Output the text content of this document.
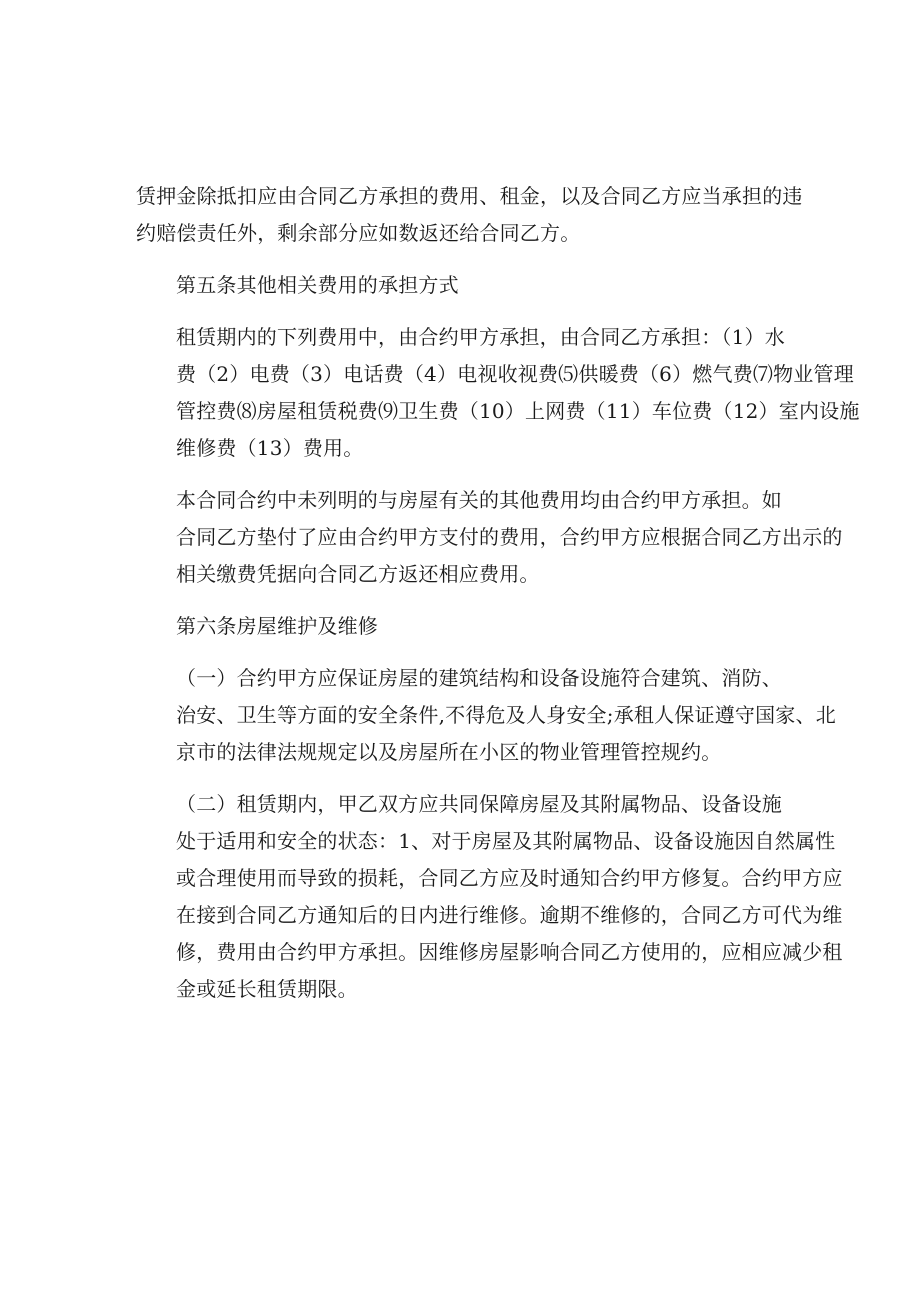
赁押金除抵扣应由合同乙方承担的费用、租金，以及合同乙方应当承担的违
约赔偿责任外，剩余部分应如数返还给合同乙方。

第五条其他相关费用的承担方式

租赁期内的下列费用中，由合约甲方承担，由合同乙方承担：（1）水
费（2）电费（3）电话费（4）电视收视费⑸供暖费（6）燃气费⑺物业管理
管控费⑻房屋租赁税费⑼卫生费（10）上网费（11）车位费（12）室内设施
维修费（13）费用。

本合同合约中未列明的与房屋有关的其他费用均由合约甲方承担。如
合同乙方垫付了应由合约甲方支付的费用，合约甲方应根据合同乙方出示的
相关缴费凭据向合同乙方返还相应费用。

第六条房屋维护及维修

（一）合约甲方应保证房屋的建筑结构和设备设施符合建筑、消防、
治安、卫生等方面的安全条件,不得危及人身安全;承租人保证遵守国家、北
京市的法律法规规定以及房屋所在小区的物业管理管控规约。

（二）租赁期内，甲乙双方应共同保障房屋及其附属物品、设备设施
处于适用和安全的状态：1、对于房屋及其附属物品、设备设施因自然属性
或合理使用而导致的损耗，合同乙方应及时通知合约甲方修复。合约甲方应
在接到合同乙方通知后的日内进行维修。逾期不维修的，合同乙方可代为维
修，费用由合约甲方承担。因维修房屋影响合同乙方使用的，应相应减少租
金或延长租赁期限。
